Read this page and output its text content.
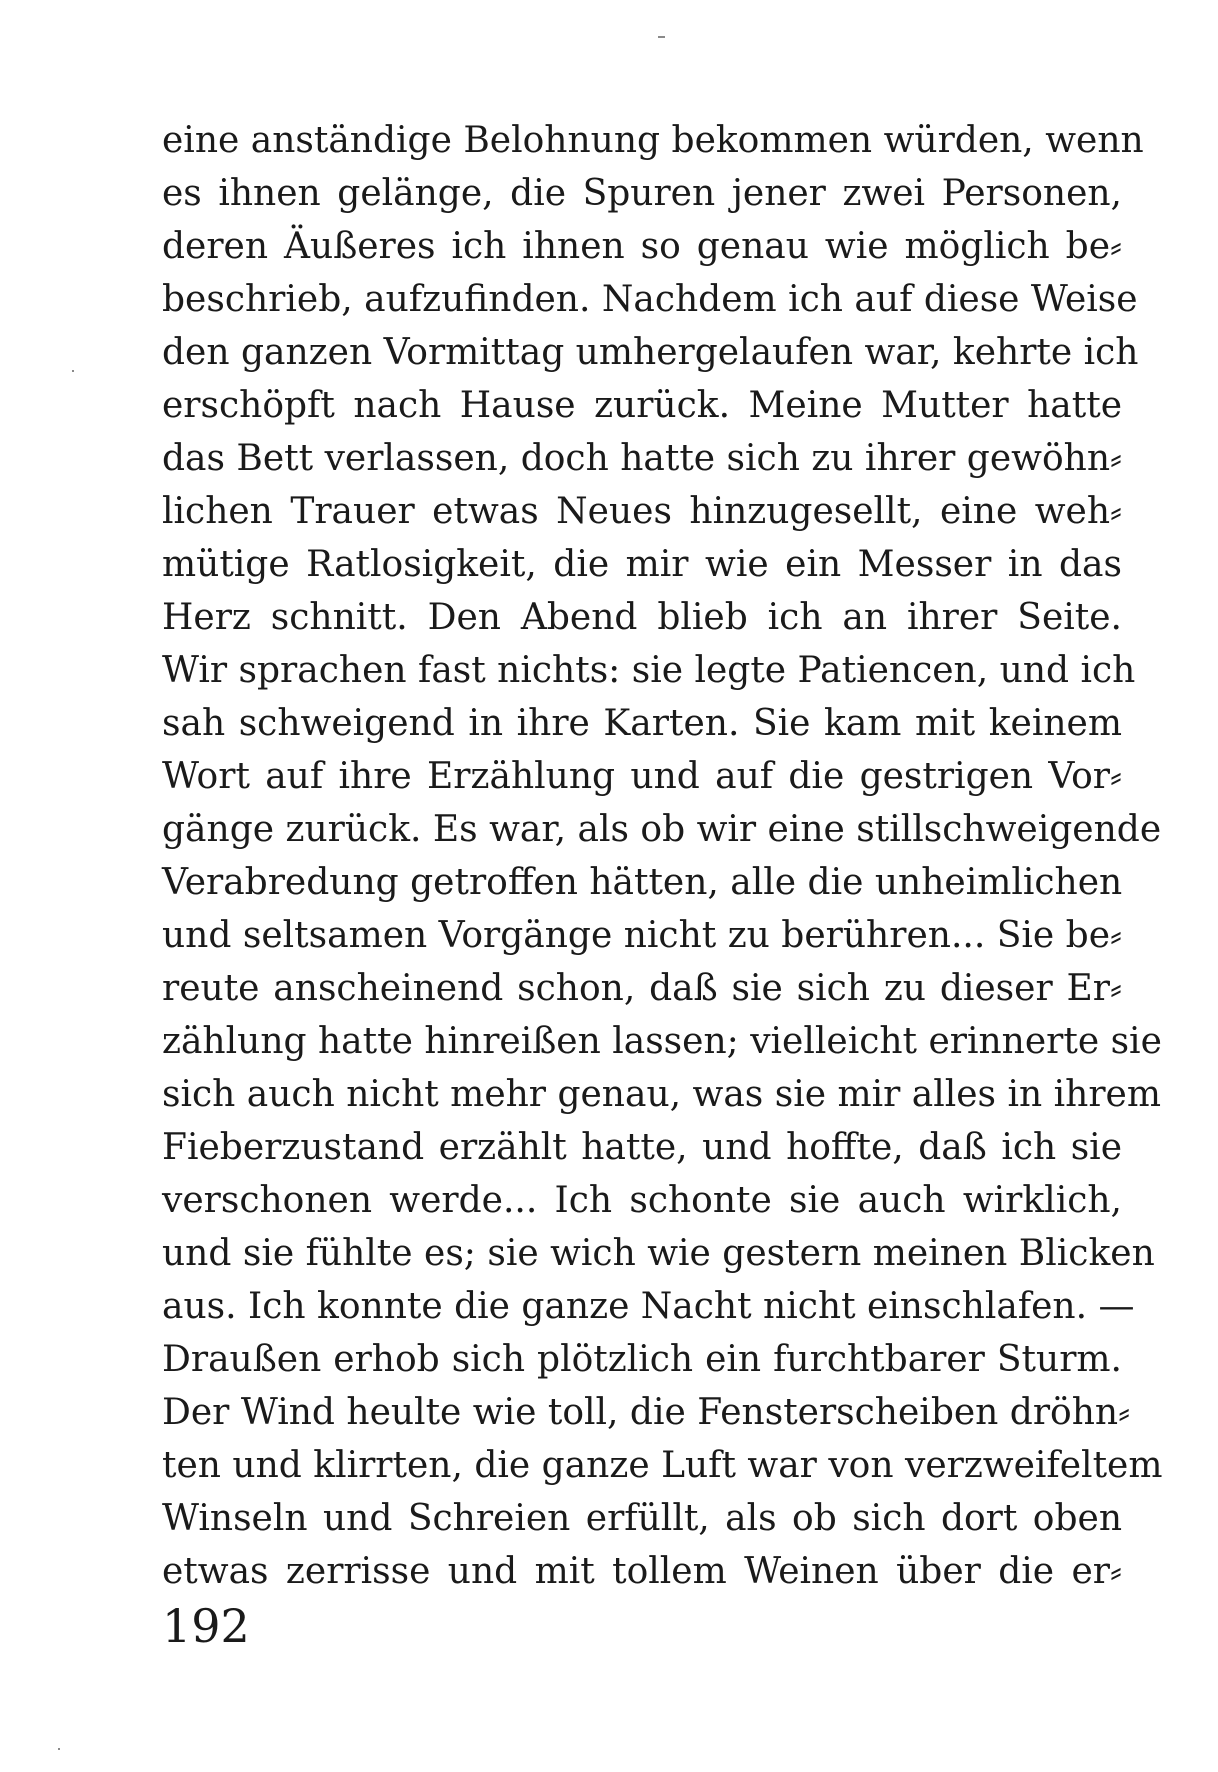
eine anständige Belohnung bekommen würden, wenn
es ihnen gelänge, die Spuren jener zwei Personen,
deren Äußeres ich ihnen so genau wie möglich be⸗
beschrieb, aufzufinden. Nachdem ich auf diese Weise
den ganzen Vormittag umhergelaufen war, kehrte ich
erschöpft nach Hause zurück. Meine Mutter hatte
das Bett verlassen, doch hatte sich zu ihrer gewöhn⸗
lichen Trauer etwas Neues hinzugesellt, eine weh⸗
mütige Ratlosigkeit, die mir wie ein Messer in das
Herz schnitt. Den Abend blieb ich an ihrer Seite.
Wir sprachen fast nichts: sie legte Patiencen, und ich
sah schweigend in ihre Karten. Sie kam mit keinem
Wort auf ihre Erzählung und auf die gestrigen Vor⸗
gänge zurück. Es war, als ob wir eine stillschweigende
Verabredung getroffen hätten, alle die unheimlichen
und seltsamen Vorgänge nicht zu berühren... Sie be⸗
reute anscheinend schon, daß sie sich zu dieser Er⸗
zählung hatte hinreißen lassen; vielleicht erinnerte sie
sich auch nicht mehr genau, was sie mir alles in ihrem
Fieberzustand erzählt hatte, und hoffte, daß ich sie
verschonen werde... Ich schonte sie auch wirklich,
und sie fühlte es; sie wich wie gestern meinen Blicken
aus. Ich konnte die ganze Nacht nicht einschlafen. —
Draußen erhob sich plötzlich ein furchtbarer Sturm.
Der Wind heulte wie toll, die Fensterscheiben dröhn⸗
ten und klirrten, die ganze Luft war von verzweifeltem
Winseln und Schreien erfüllt, als ob sich dort oben
etwas zerrisse und mit tollem Weinen über die er⸗

192
